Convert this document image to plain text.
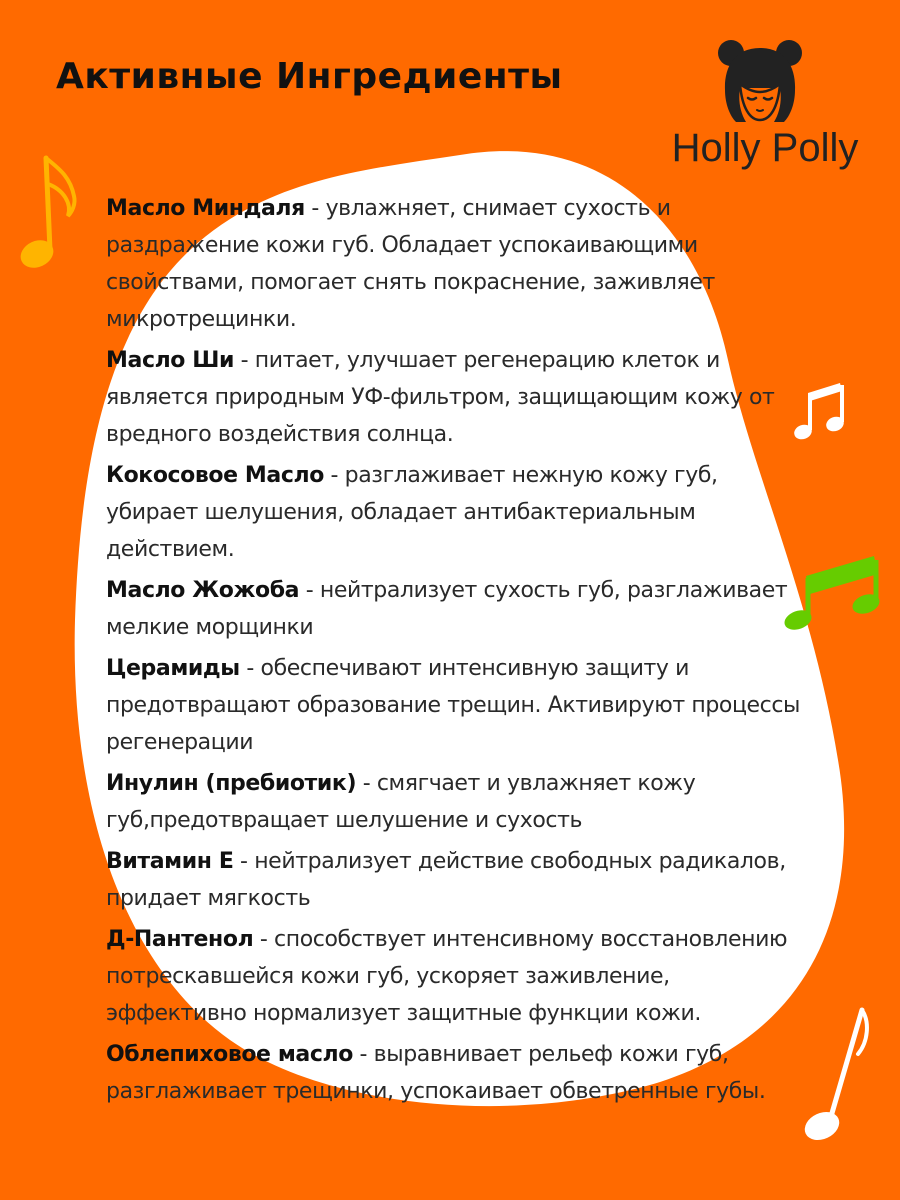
Активные Ингредиенты
Holly Polly
Масло Миндаля - увлажняет, снимает сухость и раздражение кожи губ. Обладает успокаивающими свойствами, помогает снять покраснение, заживляет микротрещинки.
Масло Ши - питает, улучшает регенерацию клеток и является природным УФ-фильтром, защищающим кожу от вредного воздействия солнца.
Кокосовое Масло - разглаживает нежную кожу губ, убирает шелушения, обладает антибактериальным действием.
Масло Жожоба - нейтрализует сухость губ, разглаживает мелкие морщинки
Церамиды - обеспечивают интенсивную защиту и предотвращают образование трещин. Активируют процессы регенерации
Инулин (пребиотик) - смягчает и увлажняет кожу губ,предотвращает шелушение и сухость
Витамин Е - нейтрализует действие свободных радикалов, придает мягкость
Д-Пантенол - способствует интенсивному восстановлению потрескавшейся кожи губ, ускоряет заживление, эффективно нормализует защитные функции кожи.
Облепиховое масло - выравнивает рельеф кожи губ, разглаживает трещинки, успокаивает обветренные губы.
